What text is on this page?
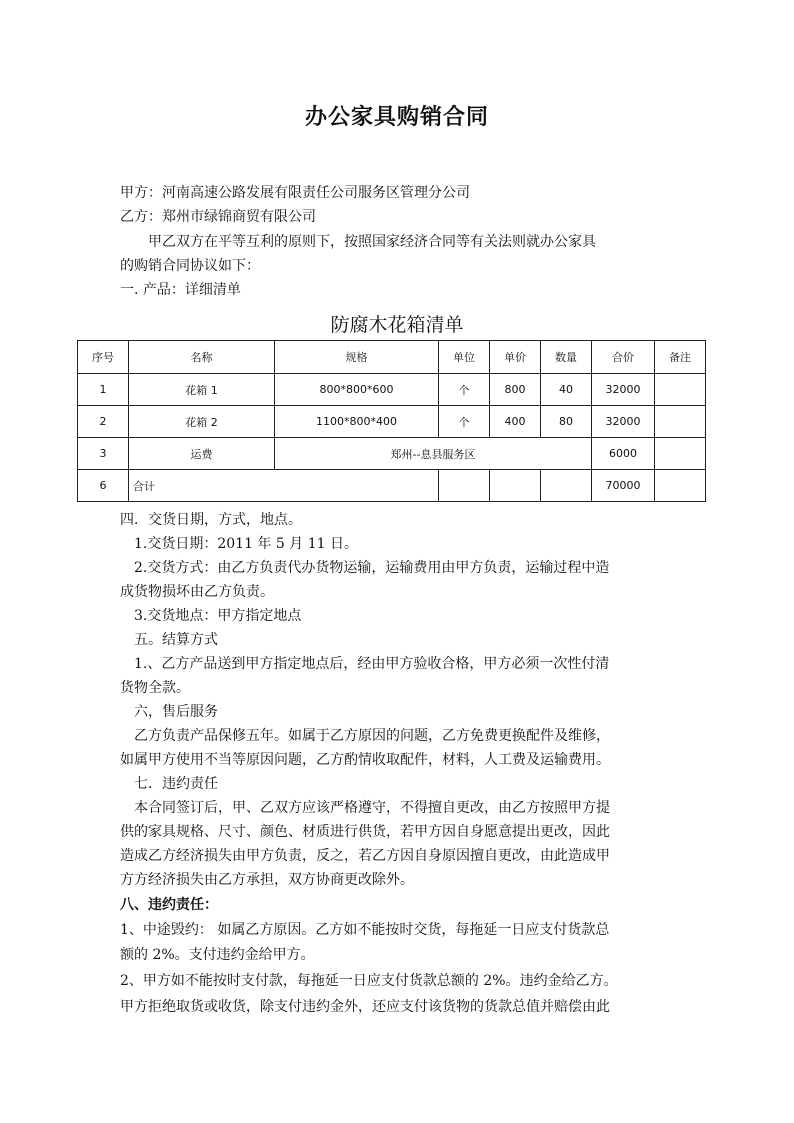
办公家具购销合同
甲方：河南高速公路发展有限责任公司服务区管理分公司
乙方：郑州市绿锦商贸有限公司
甲乙双方在平等互利的原则下，按照国家经济合同等有关法则就办公家具
的购销合同协议如下：
一. 产品：详细清单
防腐木花箱清单
序号	名称	规格	单位	单价	数量	合价	备注
1	花箱 1	800*800*600	个	800	40	32000	
2	花箱 2	1100*800*400	个	400	80	32000	
3	运费	郑州--息县服务区				6000	
6	合计					70000	
四．交货日期，方式，地点。
1.交货日期：2011 年 5 月 11 日。
2.交货方式：由乙方负责代办货物运输，运输费用由甲方负责，运输过程中造
成货物损坏由乙方负责。
3.交货地点：甲方指定地点
五。结算方式
1.、乙方产品送到甲方指定地点后，经由甲方验收合格，甲方必须一次性付清
货物全款。
六，售后服务
乙方负责产品保修五年。如属于乙方原因的问题，乙方免费更换配件及维修，
如属甲方使用不当等原因问题，乙方酌情收取配件，材料，人工费及运输费用。
七．违约责任
本合同签订后，甲、乙双方应该严格遵守，不得擅自更改，由乙方按照甲方提
供的家具规格、尺寸、颜色、材质进行供货，若甲方因自身愿意提出更改，因此
造成乙方经济损失由甲方负责，反之，若乙方因自身原因擅自更改，由此造成甲
方方经济损失由乙方承担，双方协商更改除外。
八、违约责任：
1、中途毁约： 如属乙方原因。乙方如不能按时交货，每拖延一日应支付货款总
额的 2%。支付违约金给甲方。
2、甲方如不能按时支付款，每拖延一日应支付货款总额的 2%。违约金给乙方。
甲方拒绝取货或收货，除支付违约金外，还应支付该货物的货款总值并赔偿由此
